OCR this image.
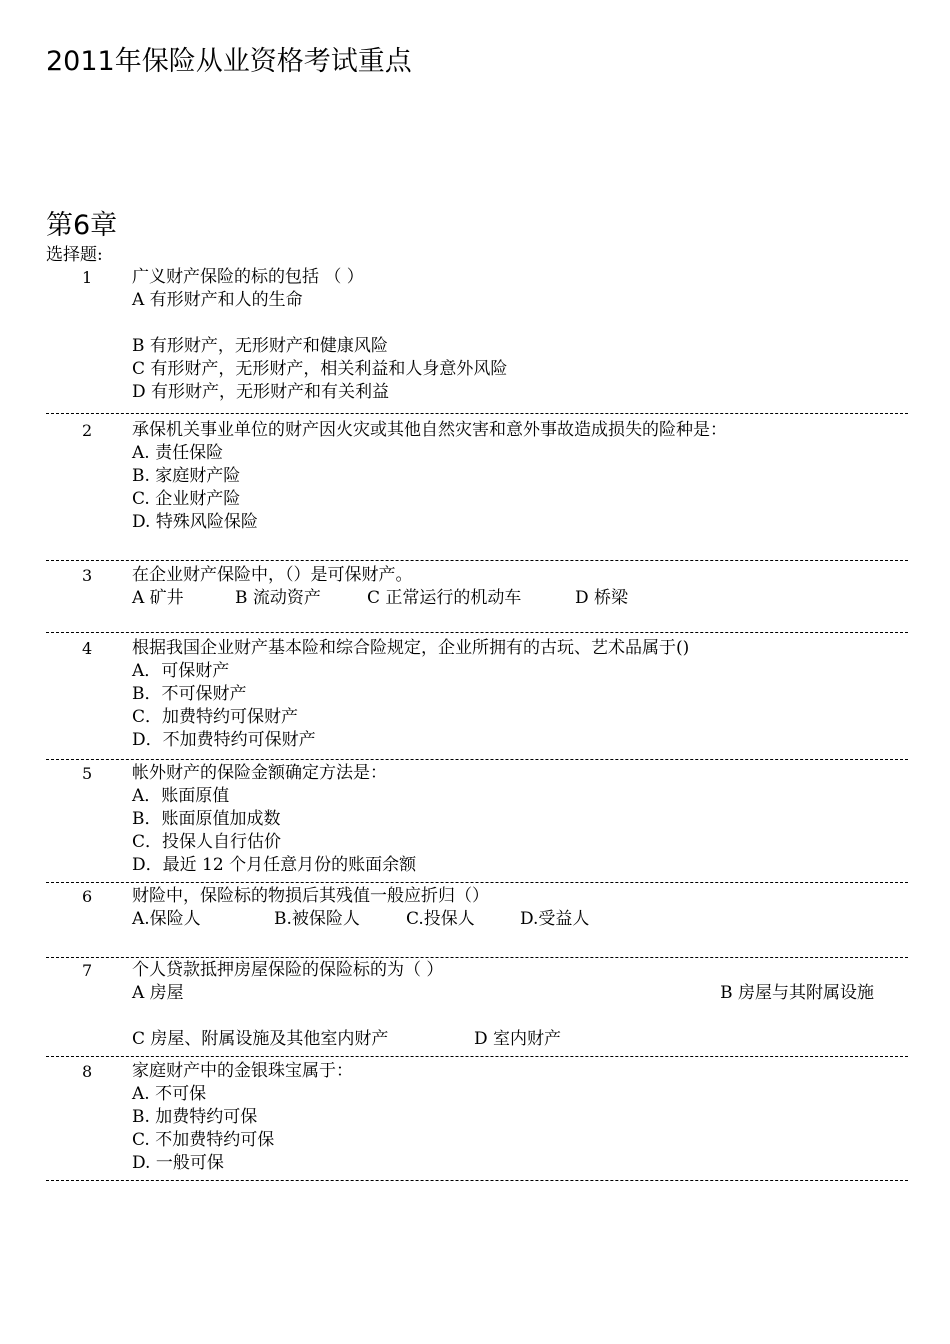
2011年保险从业资格考试重点
第6章
选择题:
1 广义财产保险的标的包括 （ ）
A 有形财产和人的生命
B 有形财产，无形财产和健康风险
C 有形财产，无形财产，相关利益和人身意外风险
D 有形财产，无形财产和有关利益
2 承保机关事业单位的财产因火灾或其他自然灾害和意外事故造成损失的险种是：
A. 责任保险
B. 家庭财产险
C. 企业财产险
D. 特殊风险保险
3 在企业财产保险中，（）是可保财产。
A 矿井	B 流动资产	C 正常运行的机动车	D 桥梁
4 根据我国企业财产基本险和综合险规定，企业所拥有的古玩、艺术品属于()
A．可保财产
B．不可保财产
C．加费特约可保财产
D．不加费特约可保财产
5 帐外财产的保险金额确定方法是：
A．账面原值
B．账面原值加成数
C．投保人自行估价
D．最近 12 个月任意月份的账面余额
6 财险中，保险标的物损后其残值一般应折归（）
A.保险人	B.被保险人	C.投保人	D.受益人
7 个人贷款抵押房屋保险的保险标的为（ ）
A 房屋	B 房屋与其附属设施
C 房屋、附属设施及其他室内财产	D 室内财产
8 家庭财产中的金银珠宝属于：
A. 不可保
B. 加费特约可保
C. 不加费特约可保
D. 一般可保
